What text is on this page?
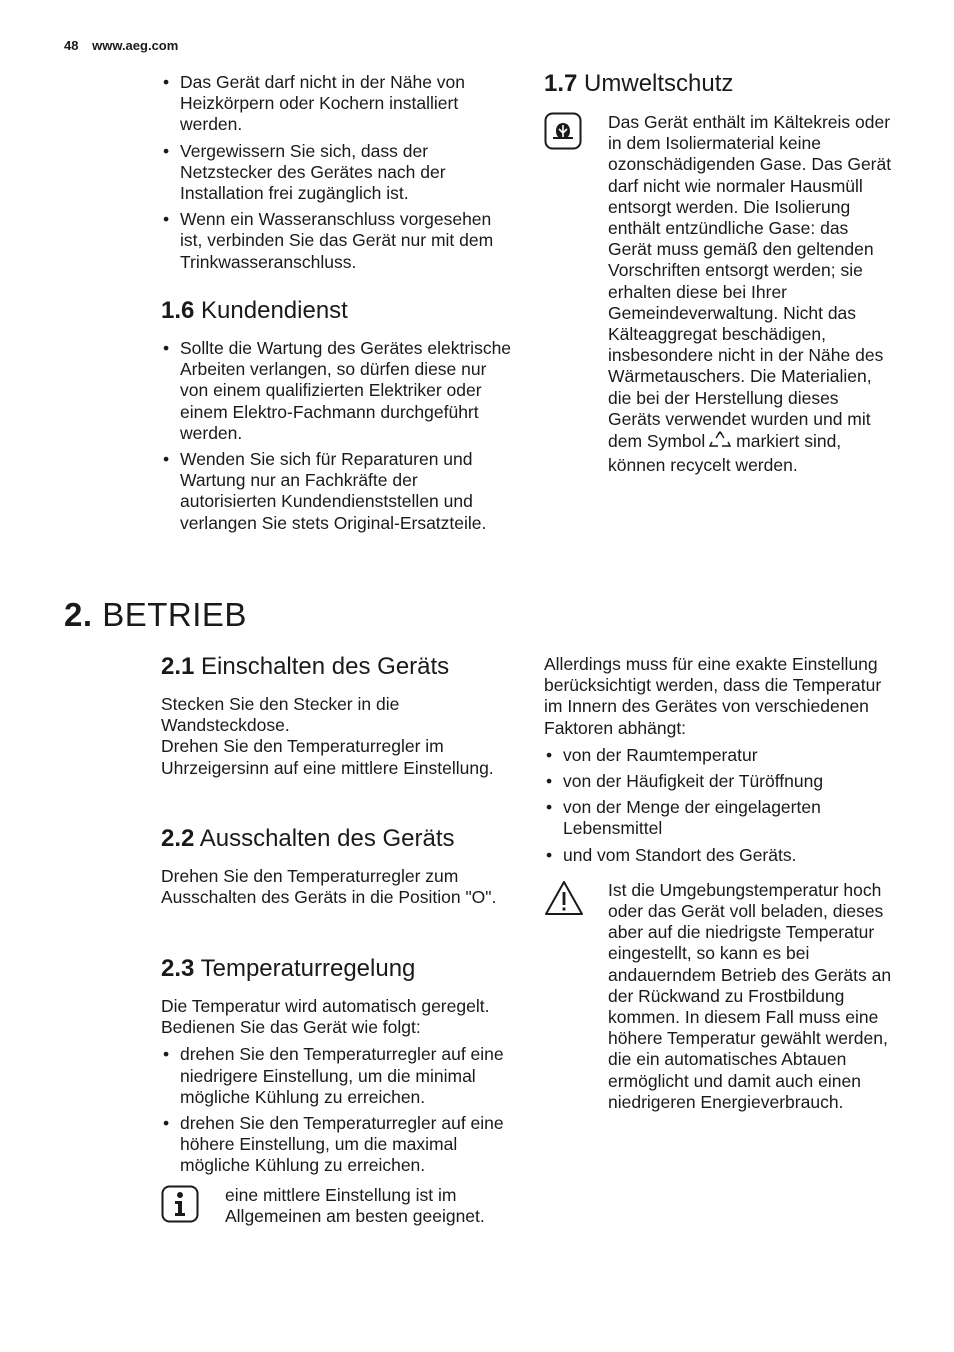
48 www.aeg.com
• Das Gerät darf nicht in der Nähe von Heizkörpern oder Kochern installiert werden.
• Vergewissern Sie sich, dass der Netzstecker des Gerätes nach der Installation frei zugänglich ist.
• Wenn ein Wasseranschluss vorgesehen ist, verbinden Sie das Gerät nur mit dem Trinkwasseranschluss.
1.6 Kundendienst
• Sollte die Wartung des Gerätes elektrische Arbeiten verlangen, so dürfen diese nur von einem qualifizierten Elektriker oder einem Elektro-Fachmann durchgeführt werden.
• Wenden Sie sich für Reparaturen und Wartung nur an Fachkräfte der autorisierten Kundendienststellen und verlangen Sie stets Original-Ersatzteile.
1.7 Umweltschutz
Das Gerät enthält im Kältekreis oder in dem Isoliermaterial keine ozonschädigenden Gase. Das Gerät darf nicht wie normaler Hausmüll entsorgt werden. Die Isolierung enthält entzündliche Gase: das Gerät muss gemäß den geltenden Vorschriften entsorgt werden; sie erhalten diese bei Ihrer Gemeindeverwaltung. Nicht das Kälteaggregat beschädigen, insbesondere nicht in der Nähe des Wärmetauschers. Die Materialien, die bei der Herstellung dieses Geräts verwendet wurden und mit dem Symbol markiert sind, können recycelt werden.
2. BETRIEB
2.1 Einschalten des Geräts

Stecken Sie den Stecker in die Wandsteckdose.

Drehen Sie den Temperaturregler im Uhrzeigersinn auf eine mittlere Einstellung.

2.2 Ausschalten des Geräts

Drehen Sie den Temperaturregler zum Ausschalten des Geräts in die Position "O".

2.3 Temperaturregelung

Die Temperatur wird automatisch geregelt.

Bedienen Sie das Gerät wie folgt:

• drehen Sie den Temperaturregler auf eine niedrigere Einstellung, um die minimal mögliche Kühlung zu erreichen.
• drehen Sie den Temperaturregler auf eine höhere Einstellung, um die maximal mögliche Kühlung zu erreichen.
eine mittlere Einstellung ist im Allgemeinen am besten geeignet.

Allerdings muss für eine exakte Einstellung berücksichtigt werden, dass die Temperatur im Innern des Gerätes von verschiedenen Faktoren abhängt:

• von der Raumtemperatur
• von der Häufigkeit der Türöffnung
• von der Menge der eingelagerten Lebensmittel
• und vom Standort des Geräts.
Ist die Umgebungstemperatur hoch oder das Gerät voll beladen, dieses aber auf die niedrigste Temperatur eingestellt, so kann es bei andauerndem Betrieb des Geräts an der Rückwand zu Frostbildung kommen. In diesem Fall muss eine höhere Temperatur gewählt werden, die ein automatisches Abtauen ermöglicht und damit auch einen niedrigeren Energieverbrauch.
